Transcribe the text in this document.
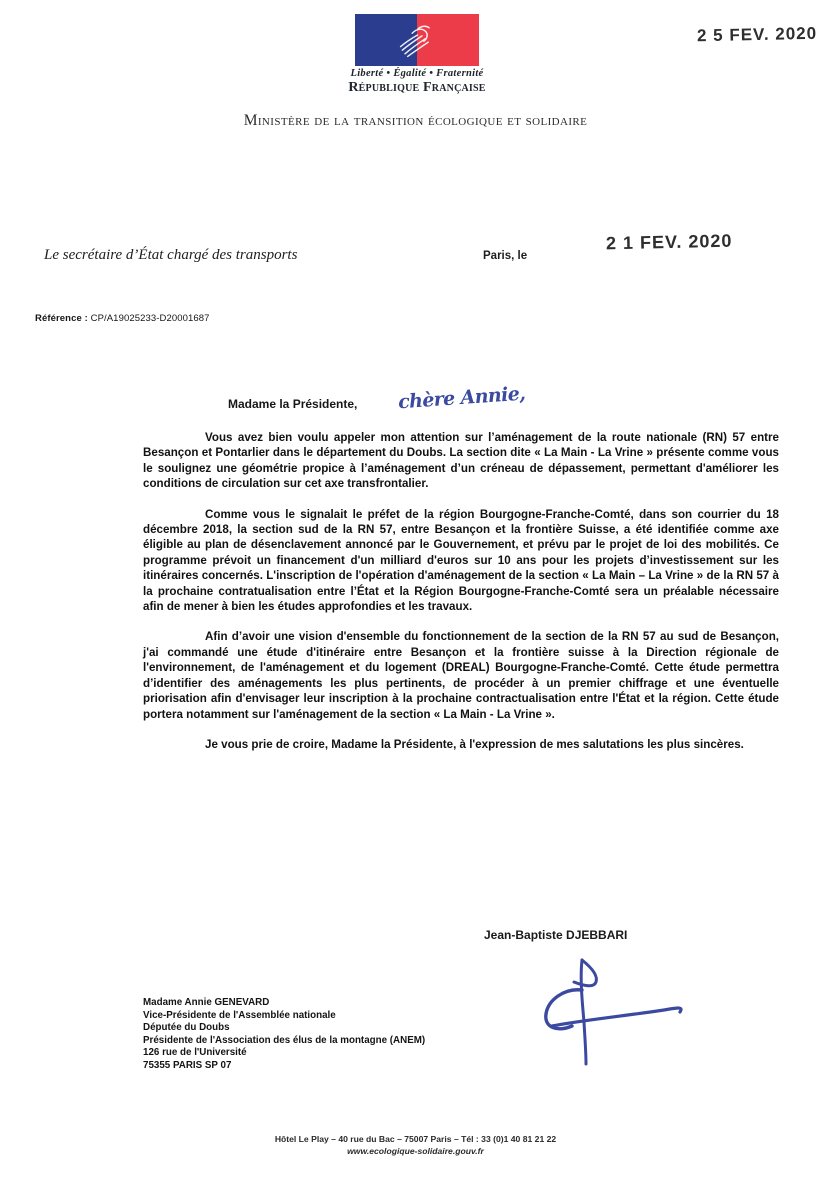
2 5 FEV. 2020
Liberté • Égalité • Fraternité
République Française
Ministère de la transition écologique et solidaire
Le secrétaire d’État chargé des transports	Paris, le
2 1 FEV. 2020
Référence : CP/A19025233-D20001687
Madame la Présidente, chère Annie,

Vous avez bien voulu appeler mon attention sur l’aménagement de la route nationale (RN) 57 entre Besançon et Pontarlier dans le département du Doubs. La section dite « La Main - La Vrine » présente comme vous le soulignez une géométrie propice à l’aménagement d’un créneau de dépassement, permettant d'améliorer les conditions de circulation sur cet axe transfrontalier.

Comme vous le signalait le préfet de la région Bourgogne-Franche-Comté, dans son courrier du 18 décembre 2018, la section sud de la RN 57, entre Besançon et la frontière Suisse, a été identifiée comme axe éligible au plan de désenclavement annoncé par le Gouvernement, et prévu par le projet de loi des mobilités. Ce programme prévoit un financement d'un milliard d'euros sur 10 ans pour les projets d’investissement sur les itinéraires concernés. L'inscription de l'opération d'aménagement de la section « La Main – La Vrine » de la RN 57 à la prochaine contratualisation entre l’État et la Région Bourgogne-Franche-Comté sera un préalable nécessaire afin de mener à bien les études approfondies et les travaux.

Afin d’avoir une vision d'ensemble du fonctionnement de la section de la RN 57 au sud de Besançon, j'ai commandé une étude d'itinéraire entre Besançon et la frontière suisse à la Direction régionale de l'environnement, de l'aménagement et du logement (DREAL) Bourgogne-Franche-Comté. Cette étude permettra d’identifier des aménagements les plus pertinents, de procéder à un premier chiffrage et une éventuelle priorisation afin d'envisager leur inscription à la prochaine contractualisation entre l'État et la région. Cette étude portera notamment sur l'aménagement de la section « La Main - La Vrine ».

Je vous prie de croire, Madame la Présidente, à l'expression de mes salutations les plus sincères.

Jean-Baptiste DJEBBARI
Madame Annie GENEVARD
Vice-Présidente de l'Assemblée nationale
Députée du Doubs
Présidente de l'Association des élus de la montagne (ANEM)
126 rue de l'Université
75355 PARIS SP 07
Hôtel Le Play – 40 rue du Bac – 75007 Paris – Tél : 33 (0)1 40 81 21 22
www.ecologique-solidaire.gouv.fr
